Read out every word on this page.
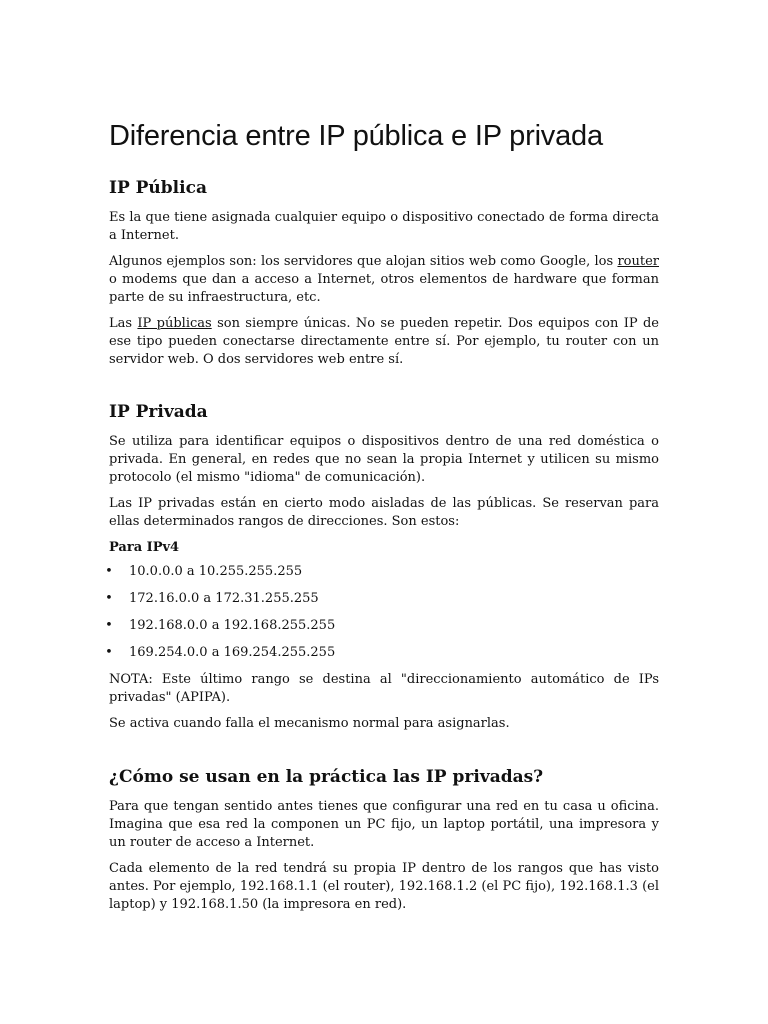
Diferencia entre IP pública e IP privada
IP Pública

Es la que tiene asignada cualquier equipo o dispositivo conectado de forma directa a Internet.

Algunos ejemplos son: los servidores que alojan sitios web como Google, los router o modems que dan a acceso a Internet, otros elementos de hardware que forman parte de su infraestructura, etc.

Las IP públicas son siempre únicas. No se pueden repetir. Dos equipos con IP de ese tipo pueden conectarse directamente entre sí. Por ejemplo, tu router con un servidor web. O dos servidores web entre sí.

IP Privada

Se utiliza para identificar equipos o dispositivos dentro de una red doméstica o privada. En general, en redes que no sean la propia Internet y utilicen su mismo protocolo (el mismo "idioma" de comunicación).

Las IP privadas están en cierto modo aisladas de las públicas. Se reservan para ellas determinados rangos de direcciones. Son estos:

Para IPv4

• 10.0.0.0 a 10.255.255.255
• 172.16.0.0 a 172.31.255.255
• 192.168.0.0 a 192.168.255.255
• 169.254.0.0 a 169.254.255.255

NOTA: Este último rango se destina al "direccionamiento automático de IPs privadas" (APIPA).

Se activa cuando falla el mecanismo normal para asignarlas.

¿Cómo se usan en la práctica las IP privadas?

Para que tengan sentido antes tienes que configurar una red en tu casa u oficina. Imagina que esa red la componen un PC fijo, un laptop portátil, una impresora y un router de acceso a Internet.

Cada elemento de la red tendrá su propia IP dentro de los rangos que has visto antes. Por ejemplo, 192.168.1.1 (el router), 192.168.1.2 (el PC fijo), 192.168.1.3 (el laptop) y 192.168.1.50 (la impresora en red).
